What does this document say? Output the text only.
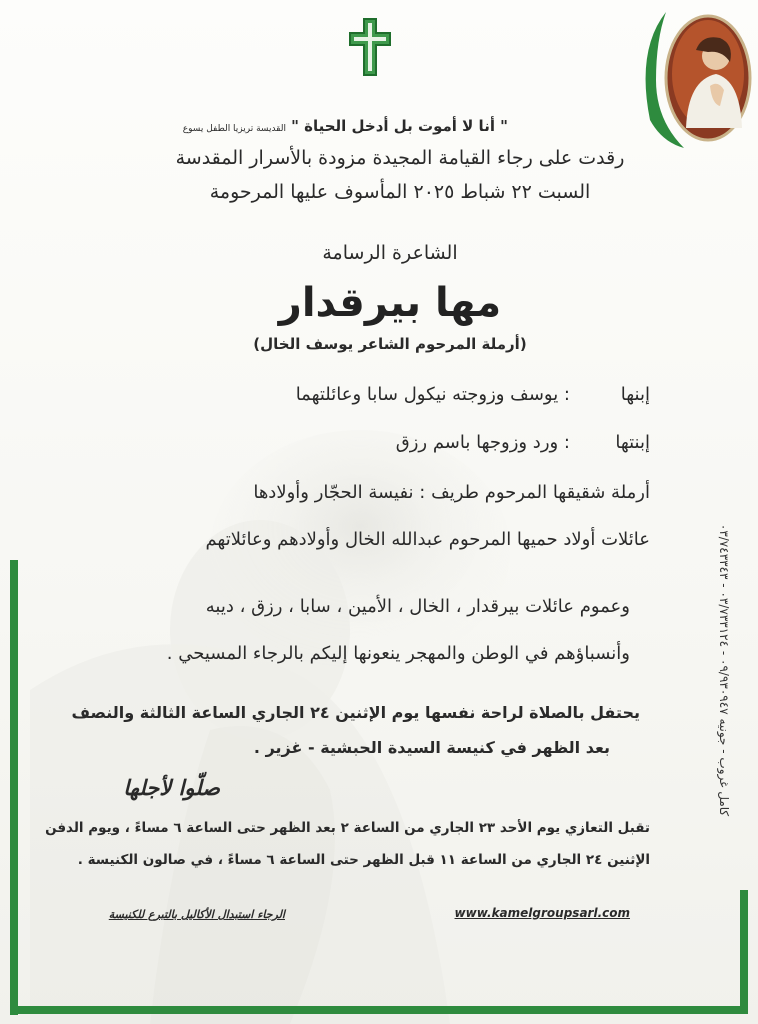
" أنا لا أموت بل أدخل الحياة " القديسة تريزيا الطفل يسوع
رقدت على رجاء القيامة المجيدة مزودة بالأسرار المقدسة
السبت ٢٢ شباط ٢٠٢٥ المأسوف عليها المرحومة
الشاعرة الرسامة
مها بيرقدار
(أرملة المرحوم الشاعر يوسف الخال)
إبنها
: يوسف وزوجته نيكول سابا وعائلتهما
إبنتها
: ورد وزوجها باسم رزق
أرملة شقيقها المرحوم طريف : نفيسة الحجّار وأولادها
عائلات أولاد حميها المرحوم عبدالله الخال وأولادهم وعائلاتهم
وعموم عائلات بيرقدار ، الخال ، الأمين ، سابا ، رزق ، ديبه
وأنسباؤهم في الوطن والمهجر ينعونها إليكم بالرجاء المسيحي .
يحتفل بالصلاة لراحة نفسها يوم الإثنين ٢٤ الجاري الساعة الثالثة والنصف
بعد الظهر في كنيسة السيدة الحبشية - غزير .
صلّوا لأجلها
تقبل التعازي يوم الأحد ٢٣ الجاري من الساعة ٢ بعد الظهر حتى الساعة ٦ مساءً ، ويوم الدفن
الإثنين ٢٤ الجاري من الساعة ١١ قبل الظهر حتى الساعة ٦ مساءً ، في صالون الكنيسة .
الرجاء استبدال الأكاليل بالتبرع للكنيسة	www.kamelgroupsarl.com
كامل غروب - جونيه ٠٩/٩٣٠٩٤٧ - ٠٣/٧٣٣١٢٤ - ٠٣/٧٤٣٣٤٣
